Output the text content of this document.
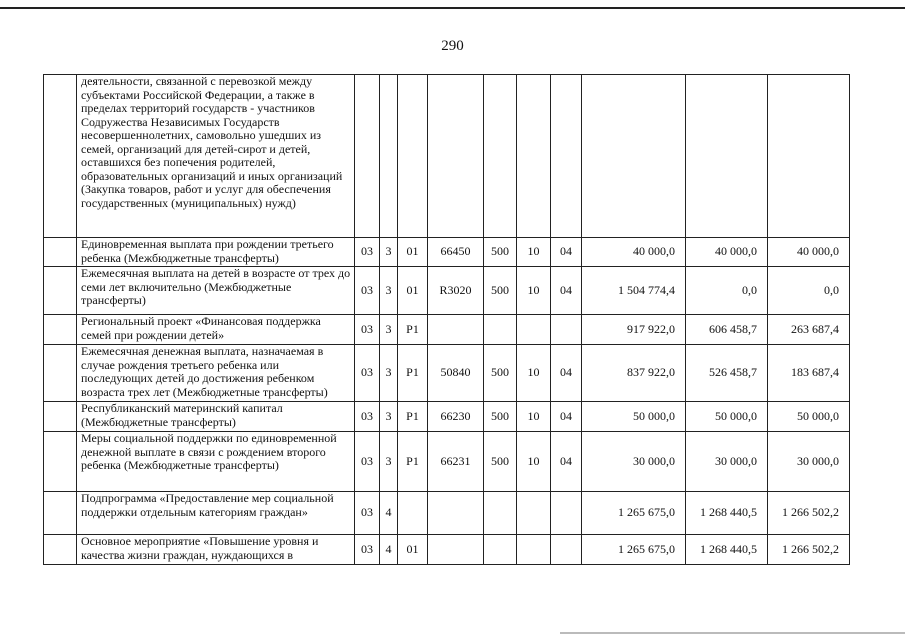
290
	деятельности, связанной с перевозкой между субъектами Российской Федерации, а также в пределах территорий государств - участников Содружества Независимых Государств несовершеннолетних, самовольно ушедших из семей, организаций для детей-сирот и детей, оставшихся без попечения родителей, образовательных организаций и иных организаций (Закупка товаров, работ и услуг для обеспечения государственных (муниципальных) нужд)										
	Единовременная выплата при рождении третьего ребенка (Межбюджетные трансферты)	03	3	01	66450	500	10	04	40 000,0	40 000,0	40 000,0
	Ежемесячная выплата на детей в возрасте от трех до семи лет включительно (Межбюджетные трансферты)	03	3	01	R3020	500	10	04	1 504 774,4	0,0	0,0
	Региональный проект «Финансовая поддержка семей при рождении детей»	03	3	P1					917 922,0	606 458,7	263 687,4
	Ежемесячная денежная выплата, назначаемая в случае рождения третьего ребенка или последующих детей до достижения ребенком возраста трех лет (Межбюджетные трансферты)	03	3	P1	50840	500	10	04	837 922,0	526 458,7	183 687,4
	Республиканский материнский капитал (Межбюджетные трансферты)	03	3	P1	66230	500	10	04	50 000,0	50 000,0	50 000,0
	Меры социальной поддержки по единовременной денежной выплате в связи с рождением второго ребенка (Межбюджетные трансферты)	03	3	P1	66231	500	10	04	30 000,0	30 000,0	30 000,0
	Подпрограмма «Предоставление мер социальной поддержки отдельным категориям граждан»	03	4						1 265 675,0	1 268 440,5	1 266 502,2
	Основное мероприятие «Повышение уровня и качества жизни граждан, нуждающихся в	03	4	01					1 265 675,0	1 268 440,5	1 266 502,2
